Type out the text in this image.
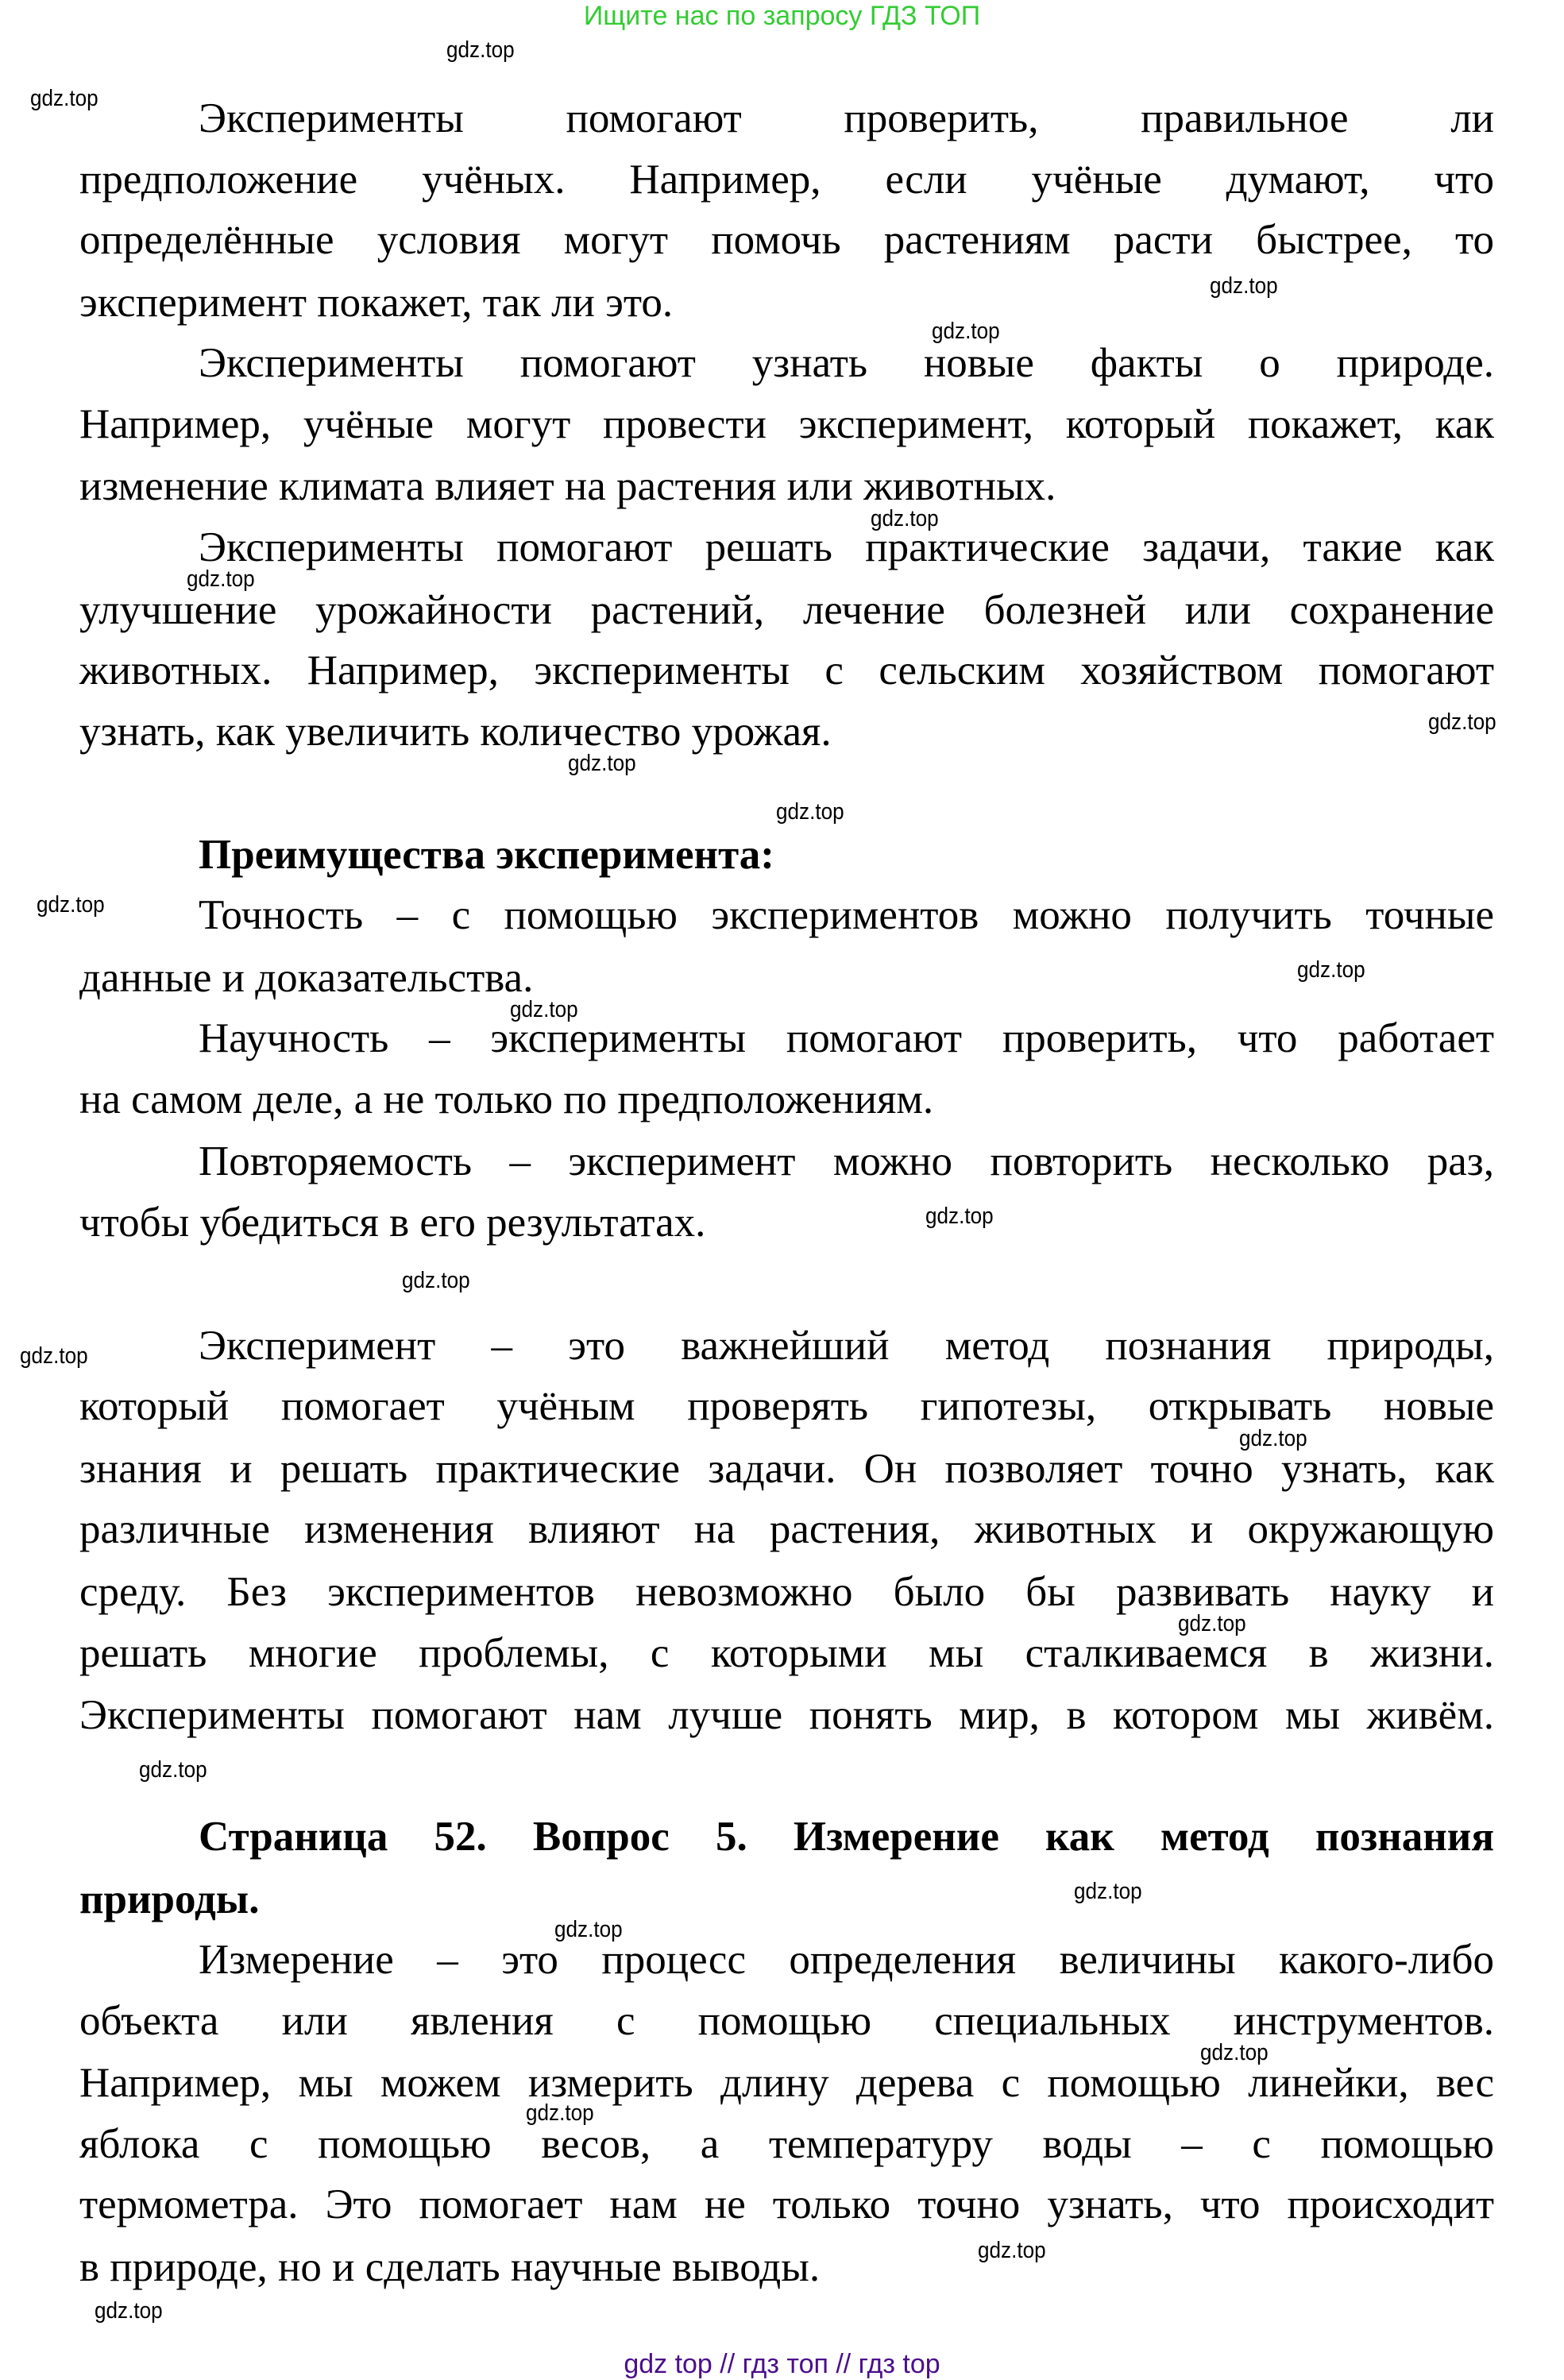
Ищите нас по запросу ГДЗ ТОП
Эксперименты помогают проверить, правильное ли
предположение учёных. Например, если учёные думают, что
определённые условия могут помочь растениям расти быстрее, то
эксперимент покажет, так ли это.
Эксперименты помогают узнать новые факты о природе.
Например, учёные могут провести эксперимент, который покажет, как
изменение климата влияет на растения или животных.
Эксперименты помогают решать практические задачи, такие как
улучшение урожайности растений, лечение болезней или сохранение
животных. Например, эксперименты с сельским хозяйством помогают
узнать, как увеличить количество урожая.
Преимущества эксперимента:
Точность – с помощью экспериментов можно получить точные
данные и доказательства.
Научность – эксперименты помогают проверить, что работает
на самом деле, а не только по предположениям.
Повторяемость – эксперимент можно повторить несколько раз,
чтобы убедиться в его результатах.
Эксперимент – это важнейший метод познания природы,
который помогает учёным проверять гипотезы, открывать новые
знания и решать практические задачи. Он позволяет точно узнать, как
различные изменения влияют на растения, животных и окружающую
среду. Без экспериментов невозможно было бы развивать науку и
решать многие проблемы, с которыми мы сталкиваемся в жизни.
Эксперименты помогают нам лучше понять мир, в котором мы живём.
Страница 52. Вопрос 5. Измерение как метод познания
природы.
Измерение – это процесс определения величины какого-либо
объекта или явления с помощью специальных инструментов.
Например, мы можем измерить длину дерева с помощью линейки, вес
яблока с помощью весов, а температуру воды – с помощью
термометра. Это помогает нам не только точно узнать, что происходит
в природе, но и сделать научные выводы.
gdz.top
gdz.top
gdz.top
gdz.top
gdz.top
gdz.top
gdz.top
gdz.top
gdz.top
gdz.top
gdz.top
gdz.top
gdz.top
gdz.top
gdz.top
gdz.top
gdz.top
gdz.top
gdz.top
gdz.top
gdz.top
gdz.top
gdz.top
gdz.top
gdz top // гдз топ // гдз top
